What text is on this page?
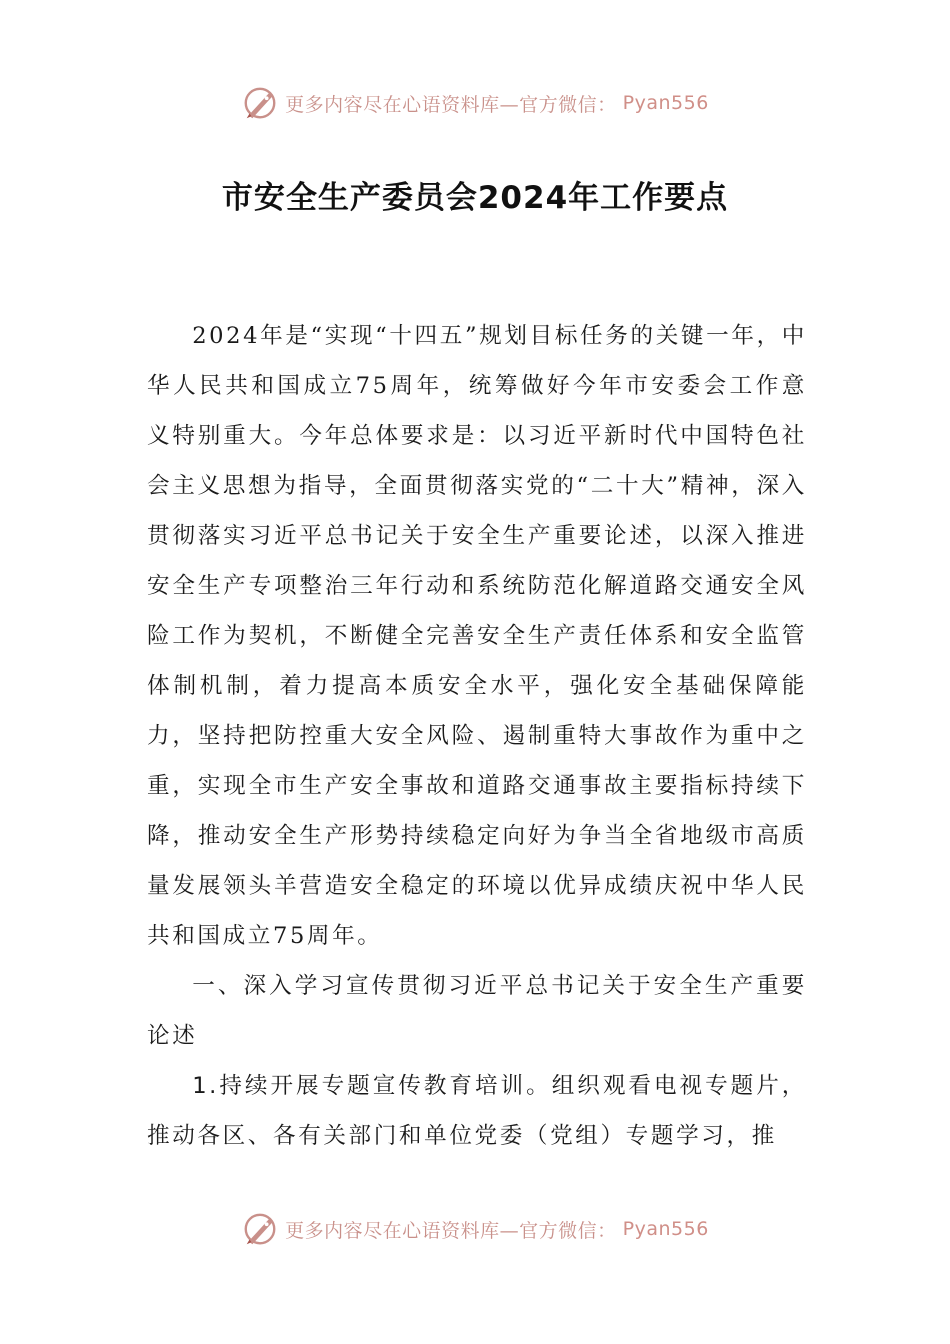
更多内容尽在心语资料库—官方微信： Pyan556
市安全生产委员会2024年工作要点

2024年是“实现“十四五”规划目标任务的关键一年，中华人民共和国成立75周年，统筹做好今年市安委会工作意义特别重大。今年总体要求是：以习近平新时代中国特色社会主义思想为指导，全面贯彻落实党的“二十大”精神，深入贯彻落实习近平总书记关于安全生产重要论述，以深入推进安全生产专项整治三年行动和系统防范化解道路交通安全风险工作为契机，不断健全完善安全生产责任体系和安全监管体制机制，着力提高本质安全水平，强化安全基础保障能力，坚持把防控重大安全风险、遏制重特大事故作为重中之重，实现全市生产安全事故和道路交通事故主要指标持续下降，推动安全生产形势持续稳定向好为争当全省地级市高质量发展领头羊营造安全稳定的环境以优异成绩庆祝中华人民共和国成立75周年。

一、深入学习宣传贯彻习近平总书记关于安全生产重要论述

1.持续开展专题宣传教育培训。组织观看电视专题片，推动各区、各有关部门和单位党委（党组）专题学习，推

更多内容尽在心语资料库—官方微信： Pyan556
